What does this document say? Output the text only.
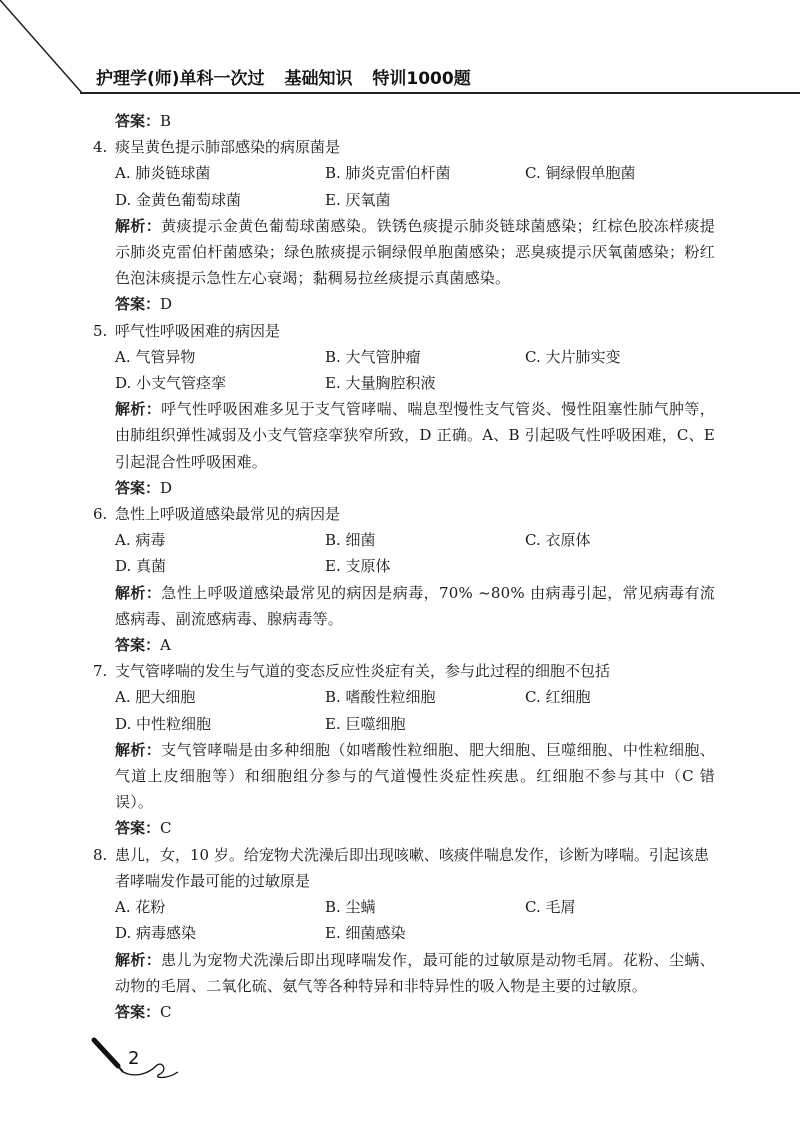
护理学(师)单科一次过 基础知识 特训1000题
答案：B
4. 痰呈黄色提示肺部感染的病原菌是
A. 肺炎链球菌	B. 肺炎克雷伯杆菌	C. 铜绿假单胞菌
D. 金黄色葡萄球菌	E. 厌氧菌
解析：黄痰提示金黄色葡萄球菌感染。铁锈色痰提示肺炎链球菌感染；红棕色胶冻样痰提示肺炎克雷伯杆菌感染；绿色脓痰提示铜绿假单胞菌感染；恶臭痰提示厌氧菌感染；粉红色泡沫痰提示急性左心衰竭；黏稠易拉丝痰提示真菌感染。
答案：D
5. 呼气性呼吸困难的病因是
A. 气管异物	B. 大气管肿瘤	C. 大片肺实变
D. 小支气管痉挛	E. 大量胸腔积液
解析：呼气性呼吸困难多见于支气管哮喘、喘息型慢性支气管炎、慢性阻塞性肺气肿等，由肺组织弹性减弱及小支气管痉挛狭窄所致，D 正确。A、B 引起吸气性呼吸困难，C、E 引起混合性呼吸困难。
答案：D
6. 急性上呼吸道感染最常见的病因是
A. 病毒	B. 细菌	C. 衣原体
D. 真菌	E. 支原体
解析：急性上呼吸道感染最常见的病因是病毒，70% ~80% 由病毒引起，常见病毒有流感病毒、副流感病毒、腺病毒等。
答案：A
7. 支气管哮喘的发生与气道的变态反应性炎症有关，参与此过程的细胞不包括
A. 肥大细胞	B. 嗜酸性粒细胞	C. 红细胞
D. 中性粒细胞	E. 巨噬细胞
解析：支气管哮喘是由多种细胞（如嗜酸性粒细胞、肥大细胞、巨噬细胞、中性粒细胞、气道上皮细胞等）和细胞组分参与的气道慢性炎症性疾患。红细胞不参与其中（C 错误）。
答案：C
8. 患儿，女，10 岁。给宠物犬洗澡后即出现咳嗽、咳痰伴喘息发作，诊断为哮喘。引起该患者哮喘发作最可能的过敏原是
A. 花粉	B. 尘螨	C. 毛屑
D. 病毒感染	E. 细菌感染
解析：患儿为宠物犬洗澡后即出现哮喘发作，最可能的过敏原是动物毛屑。花粉、尘螨、动物的毛屑、二氧化硫、氨气等各种特异和非特异性的吸入物是主要的过敏原。
答案：C
2
